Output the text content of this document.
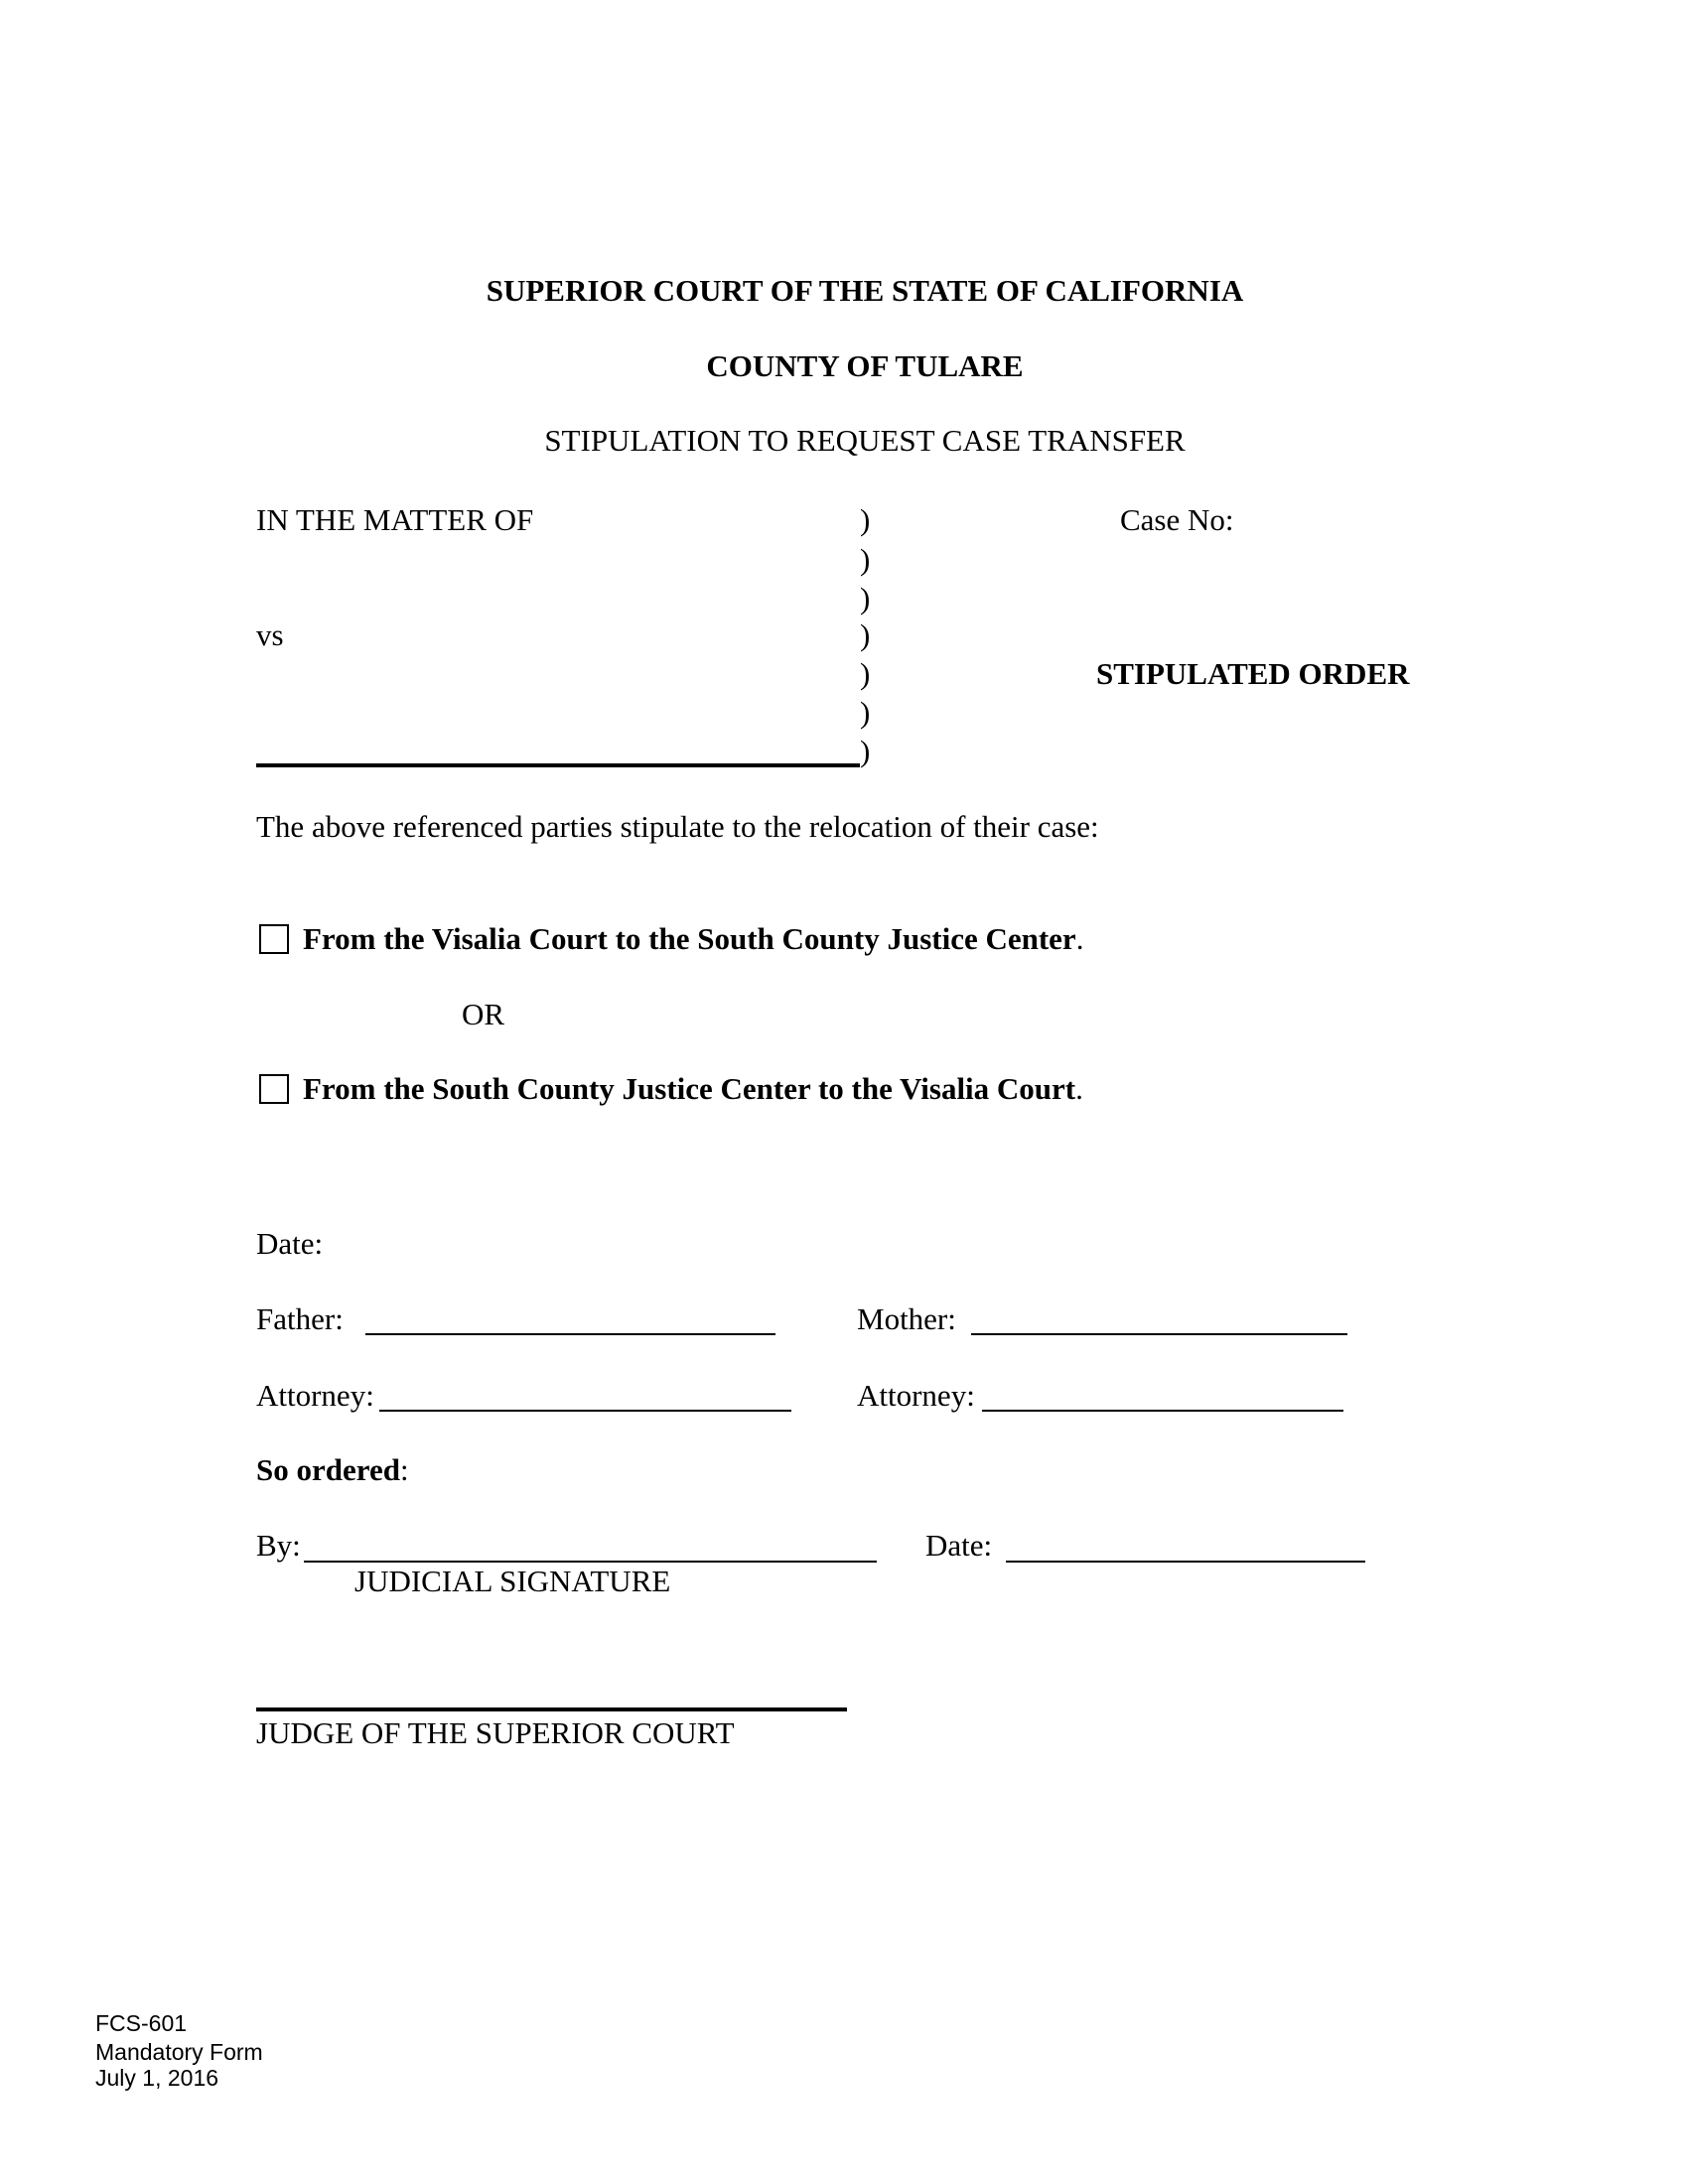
SUPERIOR COURT OF THE STATE OF CALIFORNIA
COUNTY OF TULARE
STIPULATION TO REQUEST CASE TRANSFER
IN THE MATTER OF
vs
)
)
)
)
)
)
)
Case No:
STIPULATED ORDER
The above referenced parties stipulate to the relocation of their case:
From the Visalia Court to the South County Justice Center.
OR
From the South County Justice Center to the Visalia Court.
Date:
Father:	Mother:
Attorney:	Attorney:
So ordered:
By:	Date:
JUDICIAL SIGNATURE
JUDGE OF THE SUPERIOR COURT
FCS-601
Mandatory Form
July 1, 2016
